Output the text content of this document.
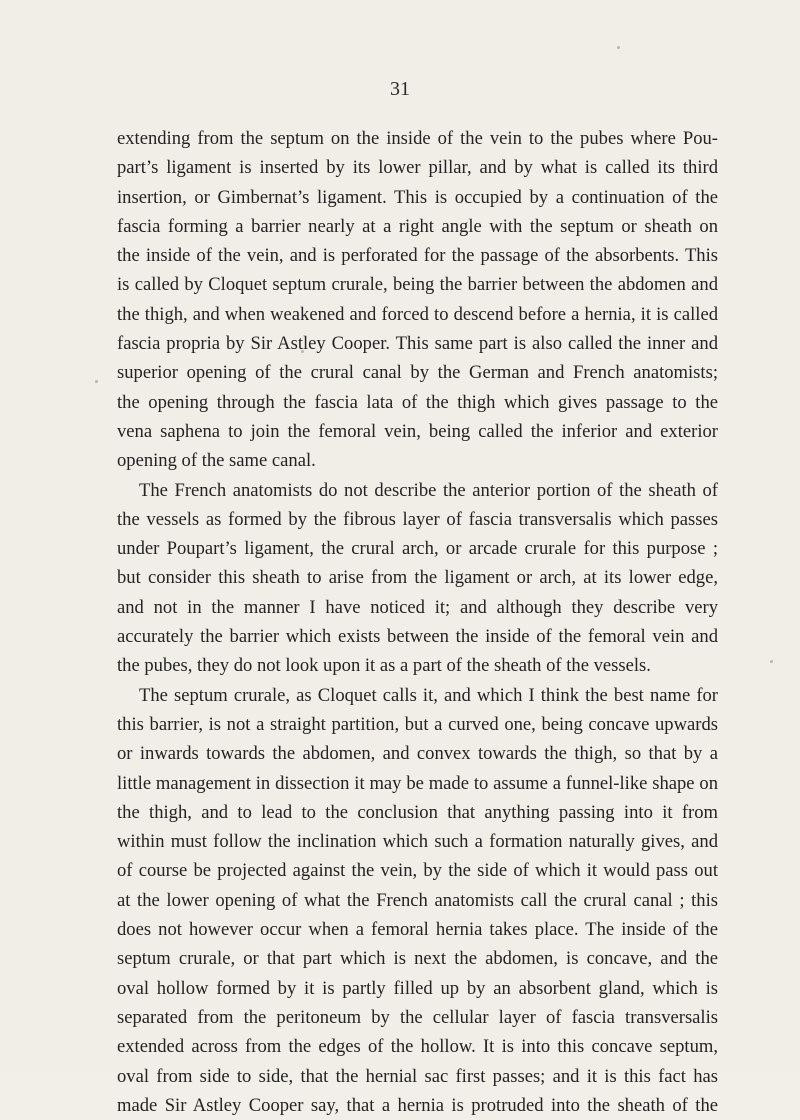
31
extending from the septum on the inside of the vein to the pubes where Pou-
part’s ligament is inserted by its lower pillar, and by what is called its third
insertion, or Gimbernat’s ligament. This is occupied by a continuation of the
fascia forming a barrier nearly at a right angle with the septum or sheath on
the inside of the vein, and is perforated for the passage of the absorbents. This
is called by Cloquet septum crurale, being the barrier between the abdomen and
the thigh, and when weakened and forced to descend before a hernia, it is called
fascia propria by Sir Astley Cooper. This same part is also called the inner and
superior opening of the crural canal by the German and French anatomists;
the opening through the fascia lata of the thigh which gives passage to the
vena saphena to join the femoral vein, being called the inferior and exterior
opening of the same canal.
The French anatomists do not describe the anterior portion of the sheath of
the vessels as formed by the fibrous layer of fascia transversalis which passes
under Poupart’s ligament, the crural arch, or arcade crurale for this purpose ;
but consider this sheath to arise from the ligament or arch, at its lower edge,
and not in the manner I have noticed it; and although they describe very
accurately the barrier which exists between the inside of the femoral vein and
the pubes, they do not look upon it as a part of the sheath of the vessels.
The septum crurale, as Cloquet calls it, and which I think the best name for
this barrier, is not a straight partition, but a curved one, being concave upwards
or inwards towards the abdomen, and convex towards the thigh, so that by a
little management in dissection it may be made to assume a funnel-like shape on
the thigh, and to lead to the conclusion that anything passing into it from
within must follow the inclination which such a formation naturally gives, and
of course be projected against the vein, by the side of which it would pass out
at the lower opening of what the French anatomists call the crural canal ; this
does not however occur when a femoral hernia takes place. The inside of the
septum crurale, or that part which is next the abdomen, is concave, and the
oval hollow formed by it is partly filled up by an absorbent gland, which is
separated from the peritoneum by the cellular layer of fascia transversalis
extended across from the edges of the hollow. It is into this concave septum,
oval from side to side, that the hernial sac first passes; and it is this fact has
made Sir Astley Cooper say, that a hernia is protruded into the sheath of the
